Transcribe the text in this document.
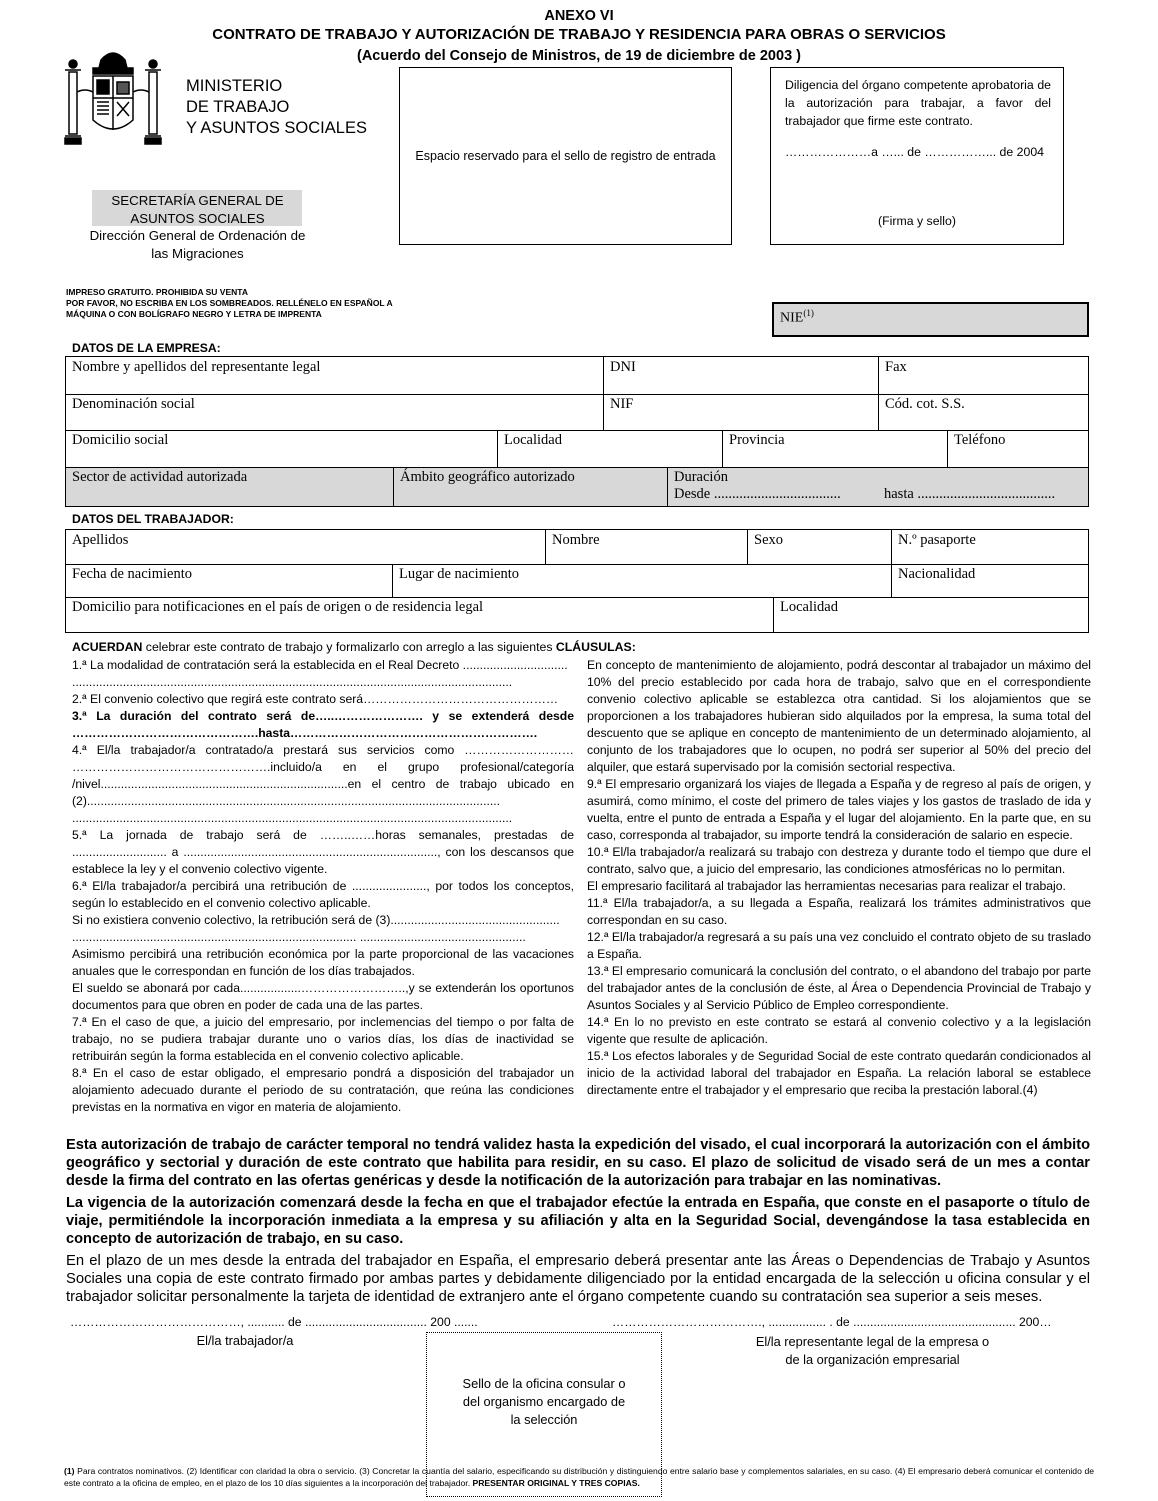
ANEXO VI
CONTRATO DE TRABAJO Y AUTORIZACIÓN DE TRABAJO Y RESIDENCIA PARA OBRAS O SERVICIOS
(Acuerdo del Consejo de Ministros, de 19 de diciembre de 2003 )
MINISTERIO
DE TRABAJO
Y ASUNTOS SOCIALES
SECRETARÍA GENERAL DE
ASUNTOS SOCIALES
Dirección General de Ordenación de
las Migraciones
Espacio reservado para el sello de registro de entrada
Diligencia del órgano competente aprobatoria de la autorización para trabajar, a favor del trabajador que firme este contrato.
…………………a …... de ……………... de 2004
(Firma y sello)
IMPRESO GRATUITO. PROHIBIDA SU VENTA
POR FAVOR, NO ESCRIBA EN LOS SOMBREADOS. RELLÉNELO EN ESPAÑOL A
MÁQUINA O CON BOLÍGRAFO NEGRO Y LETRA DE IMPRENTA	NIE$^{(1)}$
DATOS DE LA EMPRESA:
Nombre y apellidos del representante legal	DNI	Fax
Denominación social	NIF	Cód. cot. S.S.
Domicilio social	Localidad	Provincia	Teléfono
Sector de actividad autorizada	Ámbito geográfico autorizado	Duración
Desde ...................................	hasta ......................................
DATOS DEL TRABAJADOR:
Apellidos	Nombre	Sexo	N.º pasaporte
Fecha de nacimiento	Lugar de nacimiento	Nacionalidad
Domicilio para notificaciones en el país de origen o de residencia legal	Localidad
ACUERDAN celebrar este contrato de trabajo y formalizarlo con arreglo a las siguientes CLÁUSULAS:

1.ª La modalidad de contratación será la establecida en el Real Decreto ...............................

..................................................................................................................................

2.ª El convenio colectivo que regirá este contrato será…………………………………………

3.ª La duración del contrato será de…..…………………. y se extenderá desde ……………………………………….hasta…………………………………………………….

4.ª El/la trabajador/a contratado/a prestará sus servicios como ……………………… ………………………………………….incluido/a en el grupo profesional/categoría /nivel.........................................................................en el centro de trabajo ubicado en (2)..........................................................................................................................

..................................................................................................................................

5.ª La jornada de trabajo será de ……..……horas semanales, prestadas de ............................ a ..........................................................................., con los descansos que establece la ley y el convenio colectivo vigente.

6.ª El/la trabajador/a percibirá una retribución de ......................, por todos los conceptos, según lo establecido en el convenio colectivo aplicable.

Si no existiera convenio colectivo, la retribución será de (3)..................................................

.................................................................................... .................................................

Asimismo percibirá una retribución económica por la parte proporcional de las vacaciones anuales que le correspondan en función de los días trabajados.

El sueldo se abonará por cada..................……………………..,y se extenderán los oportunos documentos para que obren en poder de cada una de las partes.

7.ª En el caso de que, a juicio del empresario, por inclemencias del tiempo o por falta de trabajo, no se pudiera trabajar durante uno o varios días, los días de inactividad se retribuirán según la forma establecida en el convenio colectivo aplicable.

8.ª En el caso de estar obligado, el empresario pondrá a disposición del trabajador un alojamiento adecuado durante el periodo de su contratación, que reúna las condiciones previstas en la normativa en vigor en materia de alojamiento.

En concepto de mantenimiento de alojamiento, podrá descontar al trabajador un máximo del 10% del precio establecido por cada hora de trabajo, salvo que en el correspondiente convenio colectivo aplicable se establezca otra cantidad. Si los alojamientos que se proporcionen a los trabajadores hubieran sido alquilados por la empresa, la suma total del descuento que se aplique en concepto de mantenimiento de un determinado alojamiento, al conjunto de los trabajadores que lo ocupen, no podrá ser superior al 50% del precio del alquiler, que estará supervisado por la comisión sectorial respectiva.

9.ª El empresario organizará los viajes de llegada a España y de regreso al país de origen, y asumirá, como mínimo, el coste del primero de tales viajes y los gastos de traslado de ida y vuelta, entre el punto de entrada a España y el lugar del alojamiento. En la parte que, en su caso, corresponda al trabajador, su importe tendrá la consideración de salario en especie.

10.ª El/la trabajador/a realizará su trabajo con destreza y durante todo el tiempo que dure el contrato, salvo que, a juicio del empresario, las condiciones atmosféricas no lo permitan.

El empresario facilitará al trabajador las herramientas necesarias para realizar el trabajo.

11.ª El/la trabajador/a, a su llegada a España, realizará los trámites administrativos que correspondan en su caso.

12.ª El/la trabajador/a regresará a su país una vez concluido el contrato objeto de su traslado a España.

13.ª El empresario comunicará la conclusión del contrato, o el abandono del trabajo por parte del trabajador antes de la conclusión de éste, al Área o Dependencia Provincial de Trabajo y Asuntos Sociales y al Servicio Público de Empleo correspondiente.

14.ª En lo no previsto en este contrato se estará al convenio colectivo y a la legislación vigente que resulte de aplicación.

15.ª Los efectos laborales y de Seguridad Social de este contrato quedarán condicionados al inicio de la actividad laboral del trabajador en España. La relación laboral se establece directamente entre el trabajador y el empresario que reciba la prestación laboral.(4)

Esta autorización de trabajo de carácter temporal no tendrá validez hasta la expedición del visado, el cual incorporará la autorización con el ámbito geográfico y sectorial y duración de este contrato que habilita para residir, en su caso. El plazo de solicitud de visado será de un mes a contar desde la firma del contrato en las ofertas genéricas y desde la notificación de la autorización para trabajar en las nominativas.
La vigencia de la autorización comenzará desde la fecha en que el trabajador efectúe la entrada en España, que conste en el pasaporte o título de viaje, permitiéndole la incorporación inmediata a la empresa y su afiliación y alta en la Seguridad Social, devengándose la tasa establecida en concepto de autorización de trabajo, en su caso.
En el plazo de un mes desde la entrada del trabajador en España, el empresario deberá presentar ante las Áreas o Dependencias de Trabajo y Asuntos Sociales una copia de este contrato firmado por ambas partes y debidamente diligenciado por la entidad encargada de la selección u oficina consular y el trabajador solicitar personalmente la tarjeta de identidad de extranjero ante el órgano competente cuando su contratación sea superior a seis meses.
……………………………………, ........... de .................................... 200 .......
El/la trabajador/a
………………………………., ................. . de ................................................ 200…
El/la representante legal de la empresa o
de la organización empresarial
Sello de la oficina consular o
del organismo encargado de
la selección
(1) Para contratos nominativos. (2) Identificar con claridad la obra o servicio. (3) Concretar la cuantía del salario, especificando su distribución y distinguiendo entre salario base y complementos salariales, en su caso. (4) El empresario deberá comunicar el contenido de este contrato a la oficina de empleo, en el plazo de los 10 días siguientes a la incorporación del trabajador. PRESENTAR ORIGINAL Y TRES COPIAS.
